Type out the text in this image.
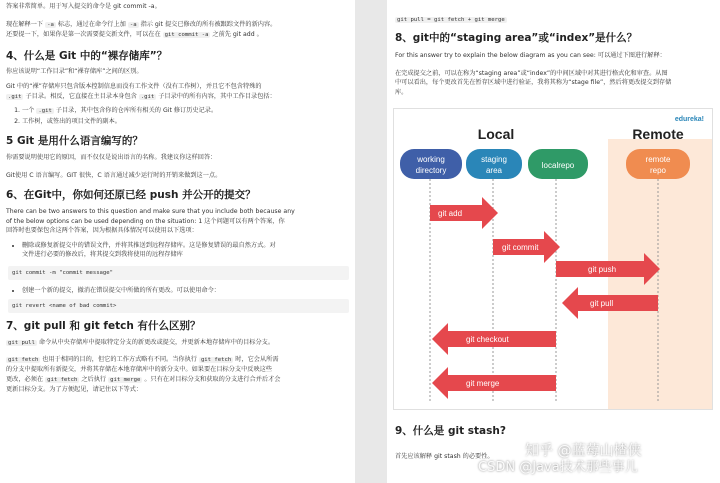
答案非常简单。用于写入提交的命令是 git commit -a。

现在解释一下 -a 标志，通过在命令行上加 -a 指示 git 提交已修改的所有被跟踪文件的新内容。

还要提一下，如果你是第一次需要提交新文件，可以在在 git commit -a 之前先 git add 。

4、什么是 Git 中的“裸存储库”？

你应该说明“工作目录”和“裸存储库”之间的区别。

Git 中的“裸”存储库只包含版本控制信息而没有工作文件（没有工作树），并且它不包含特殊的

.git 子目录。相反，它直接在主目录本身包含 .git 子目录中的所有内容，其中工作目录包括：

1. 一个 .git 子目录，其中包含你的仓库所有相关的 Git 修订历史记录。
2. 工作树，或签出的项目文件的副本。
5 Git 是用什么语言编写的？

你需要说明使用它的原因，而不仅仅是说出语言的名称。我建议你这样回答：

Git使用 C 语言编写。GIT 很快，C 语言通过减少运行时的开销来做到这一点。

6、在Git中，你如何还原已经 push 并公开的提交？

There can be two answers to this question and make sure that you include both because any

of the below options can be used depending on the situation: 1 这个问题可以有两个答案，你

回答时也要保包含这两个答案，因为根据具体情况可以使用以下选项：

• 删除或修复新提交中的错误文件，并将其推送到远程存储库。这是修复错误的最自然方式。对
文件进行必要的修改后，将其提交到我将使用的远程存储库
git commit -m "commit message"
• 创建一个新的提交，撤消在错误提交中所做的所有更改。可以使用命令：
git revert <name of bad commit>
7、git pull 和 git fetch 有什么区别？

git pull 命令从中央存储库中提取特定分支的新更改或提交，并更新本地存储库中的目标分支。

git fetch 也用于相同的目的，但它的工作方式略有不同。当你执行 git fetch 时，它会从所需

的分支中提取所有新提交，并将其存储在本地存储库中的新分支中。如果要在目标分支中反映这些

更改，必须在 git fetch 之后执行 git merge 。只有在对目标分支和获取的分支进行合并后才会

更新目标分支。为了方便起见，请记住以下等式：

git pull = git fetch + git merge
8、git中的“staging area”或“index”是什么？

For this answer try to explain the below diagram as you can see: 可以通过下图进行解释：

在完成提交之前，可以在称为“staging area”或“index”的中间区域中对其进行格式化和审查。从图

中可以看出，每个更改首先在暂存区域中进行验证，我将其称为“stage file”，然后将更改提交到存储

库。

edureka!
Local	Remote
working
directory
staging
area
localrepo
remote
repo
git add
git commit
git push
git pull
git checkout
git merge
9、什么是 git stash?

首先应该解释 git stash 的必要性。 知乎 @蓝莓山楂侠
CSDN @Java技术那些事儿
